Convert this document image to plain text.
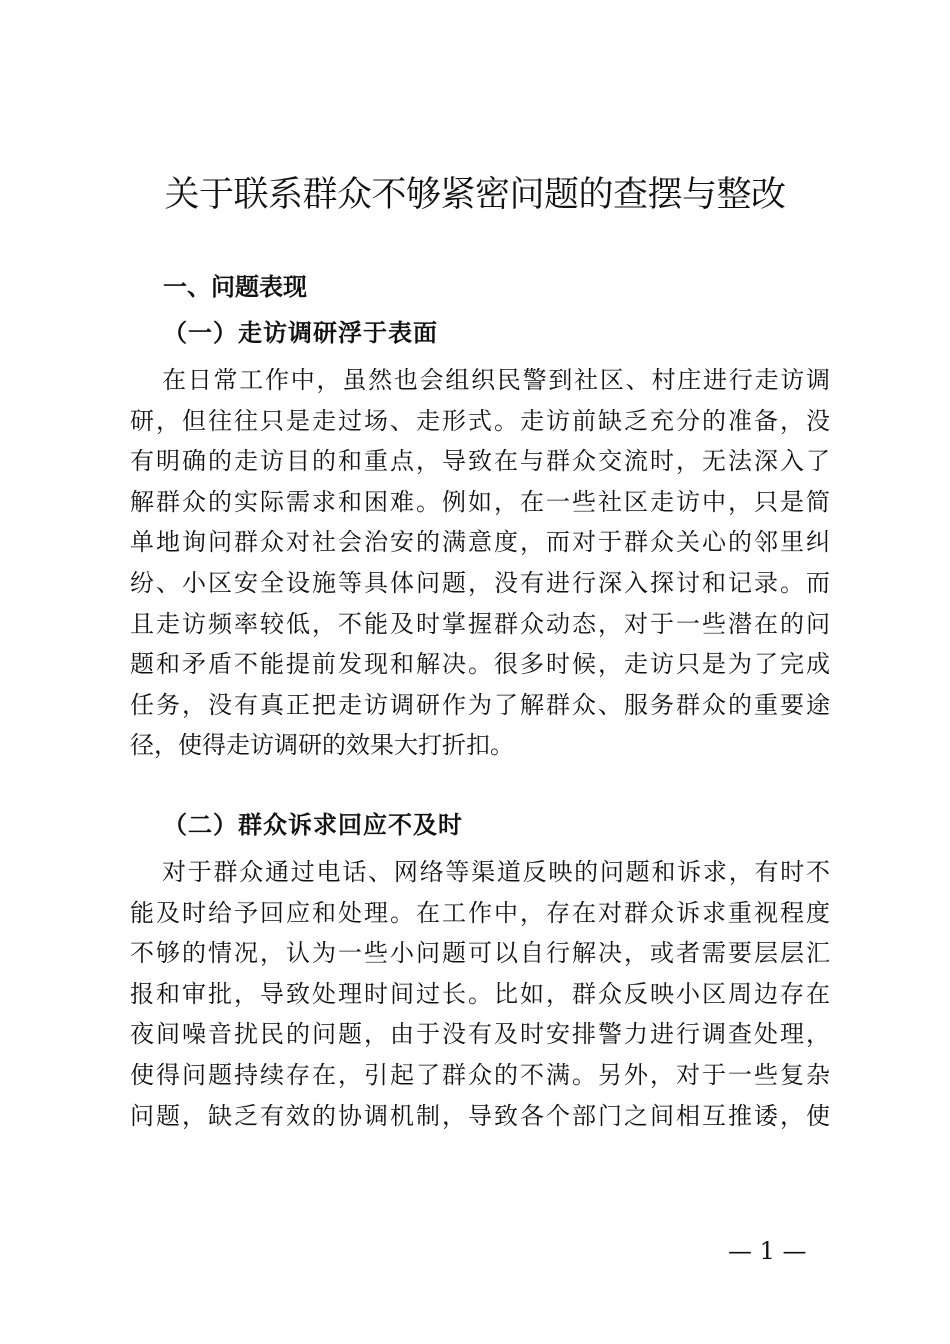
关于联系群众不够紧密问题的查摆与整改
一、问题表现
（一）走访调研浮于表面
在日常工作中，虽然也会组织民警到社区、村庄进行走访调
研，但往往只是走过场、走形式。走访前缺乏充分的准备，没
有明确的走访目的和重点，导致在与群众交流时，无法深入了
解群众的实际需求和困难。例如，在一些社区走访中，只是简
单地询问群众对社会治安的满意度，而对于群众关心的邻里纠
纷、小区安全设施等具体问题，没有进行深入探讨和记录。而
且走访频率较低，不能及时掌握群众动态，对于一些潜在的问
题和矛盾不能提前发现和解决。很多时候，走访只是为了完成
任务，没有真正把走访调研作为了解群众、服务群众的重要途
径，使得走访调研的效果大打折扣。
（二）群众诉求回应不及时
对于群众通过电话、网络等渠道反映的问题和诉求，有时不
能及时给予回应和处理。在工作中，存在对群众诉求重视程度
不够的情况，认为一些小问题可以自行解决，或者需要层层汇
报和审批，导致处理时间过长。比如，群众反映小区周边存在
夜间噪音扰民的问题，由于没有及时安排警力进行调查处理，
使得问题持续存在，引起了群众的不满。另外，对于一些复杂
问题，缺乏有效的协调机制，导致各个部门之间相互推诿，使
— 1 —
